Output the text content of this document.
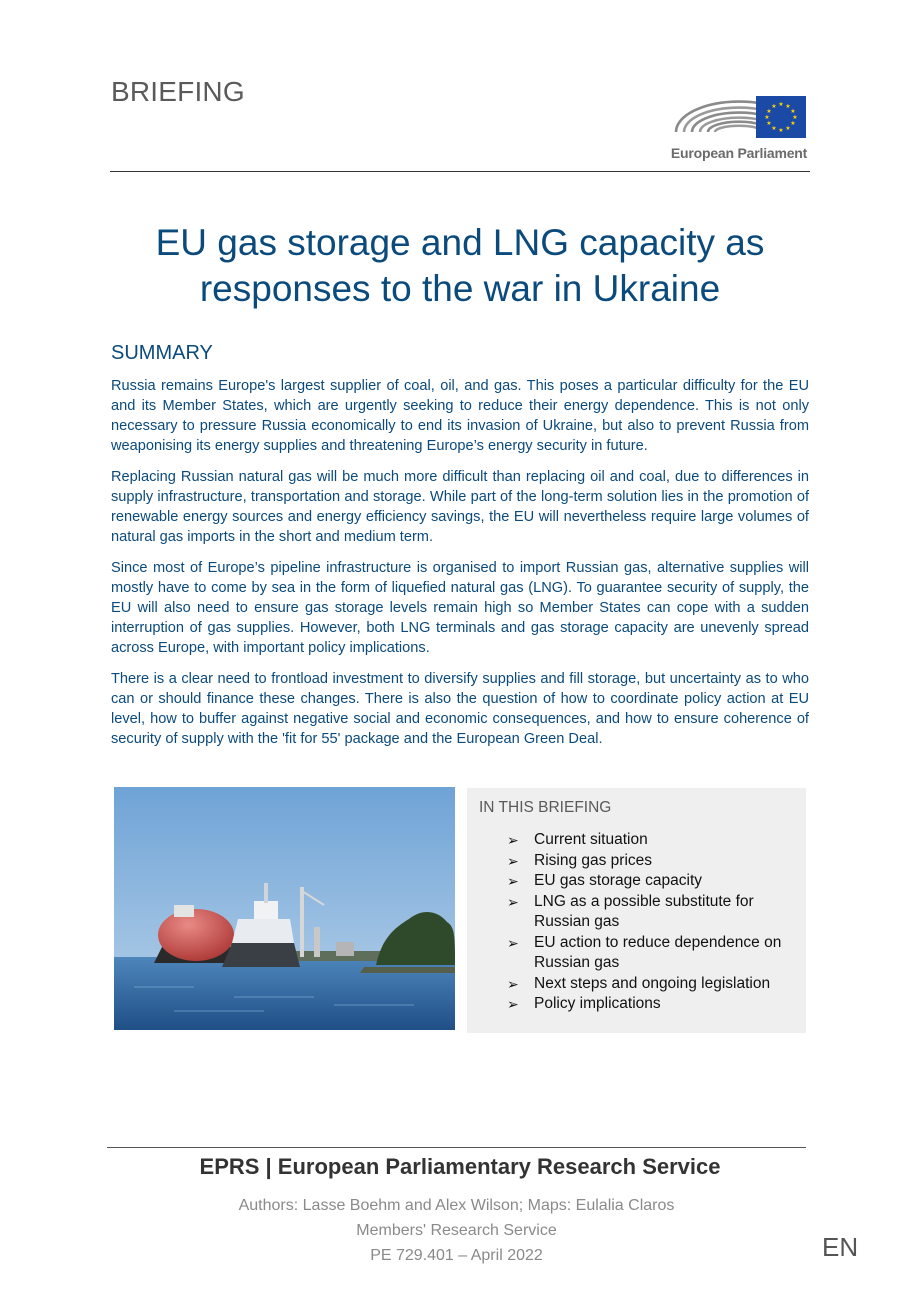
BRIEFING	★ ★
★
★
★
★
★
★
★
★
★
★
European Parliament
EU gas storage and LNG capacity as responses to the war in Ukraine
SUMMARY

Russia remains Europe's largest supplier of coal, oil, and gas. This poses a particular difficulty for the EU and its Member States, which are urgently seeking to reduce their energy dependence. This is not only necessary to pressure Russia economically to end its invasion of Ukraine, but also to prevent Russia from weaponising its energy supplies and threatening Europe’s energy security in future.

Replacing Russian natural gas will be much more difficult than replacing oil and coal, due to differences in supply infrastructure, transportation and storage. While part of the long-term solution lies in the promotion of renewable energy sources and energy efficiency savings, the EU will nevertheless require large volumes of natural gas imports in the short and medium term.

Since most of Europe’s pipeline infrastructure is organised to import Russian gas, alternative supplies will mostly have to come by sea in the form of liquefied natural gas (LNG). To guarantee security of supply, the EU will also need to ensure gas storage levels remain high so Member States can cope with a sudden interruption of gas supplies. However, both LNG terminals and gas storage capacity are unevenly spread across Europe, with important policy implications.

There is a clear need to frontload investment to diversify supplies and fill storage, but uncertainty as to who can or should finance these changes. There is also the question of how to coordinate policy action at EU level, how to buffer against negative social and economic consequences, and how to ensure coherence of security of supply with the 'fit for 55' package and the European Green Deal.

IN THIS BRIEFING
➢ Current situation
➢ Rising gas prices
➢ EU gas storage capacity
➢ LNG as a possible substitute for Russian gas
➢ EU action to reduce dependence on Russian gas
➢ Next steps and ongoing legislation
➢ Policy implications
EPRS | European Parliamentary Research Service
Authors: Lasse Boehm and Alex Wilson; Maps: Eulalia Claros
Members' Research Service
PE 729.401 – April 2022	EN
